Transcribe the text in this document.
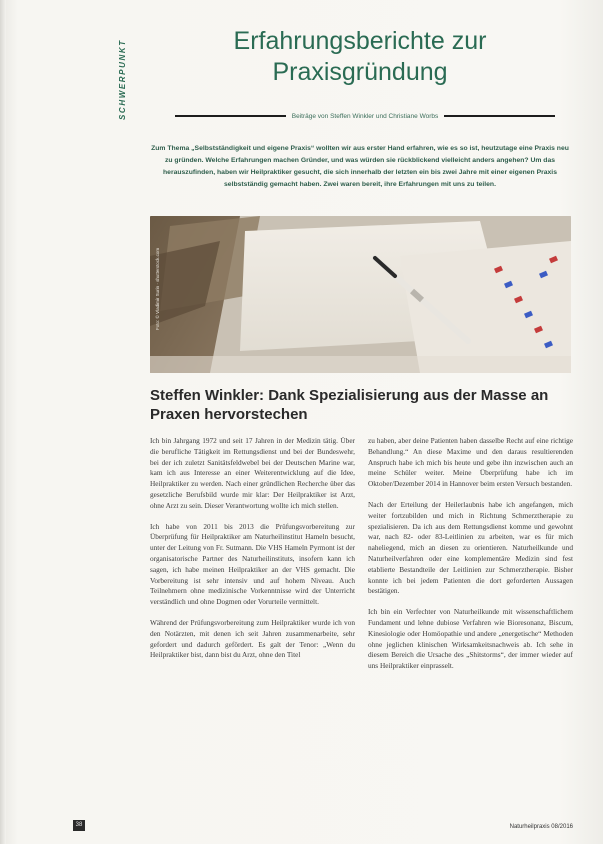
SCHWERPUNKT	Erfahrungsberichte zur Praxisgründung
Beiträge von Steffen Winkler und Christiane Worbs
Zum Thema „Selbstständigkeit und eigene Praxis“ wollten wir aus erster Hand erfahren, wie es so ist, heutzutage eine Praxis neu zu gründen. Welche Erfahrungen machen Gründer, und was würden sie rückblickend vielleicht anders angehen? Um das herauszufinden, haben wir Heilpraktiker gesucht, die sich innerhalb der letzten ein bis zwei Jahre mit einer eigenen Praxis selbstständig gemacht haben. Zwei waren bereit, ihre Erfahrungen mit uns zu teilen.
Foto: © Vladimir Surin · shutterstock.com
Steffen Winkler: Dank Spezialisierung aus der Masse an Praxen hervorstechen

Ich bin Jahrgang 1972 und seit 17 Jahren in der Medizin tätig. Über die berufliche Tätigkeit im Rettungsdienst und bei der Bundeswehr, bei der ich zuletzt Sanitätsfeldwebel bei der Deutschen Marine war, kam ich aus Interesse an einer Weiterentwicklung auf die Idee, Heilpraktiker zu werden. Nach einer gründlichen Recherche über das gesetzliche Berufsbild wurde mir klar: Der Heilpraktiker ist Arzt, ohne Arzt zu sein. Dieser Verantwortung wollte ich mich stellen.

Ich habe von 2011 bis 2013 die Prüfungsvorbereitung zur Überprüfung für Heilpraktiker am Naturheilinstitut Hameln besucht, unter der Leitung von Fr. Sutmann. Die VHS Hameln Pyrmont ist der organisatorische Partner des Naturheilinstituts, insofern kann ich sagen, ich habe meinen Heilpraktiker an der VHS gemacht. Die Vorbereitung ist sehr intensiv und auf hohem Niveau. Auch Teilnehmern ohne medizinische Vorkenntnisse wird der Unterricht verständlich und ohne Dogmen oder Vorurteile vermittelt.

Während der Prüfungsvorbereitung zum Heilpraktiker wurde ich von den Notärzten, mit denen ich seit Jahren zusammenarbeite, sehr gefordert und dadurch gefördert. Es galt der Tenor: „Wenn du Heilpraktiker bist, dann bist du Arzt, ohne den Titel

zu haben, aber deine Patienten haben dasselbe Recht auf eine richtige Behandlung.“ An diese Maxime und den daraus resultierenden Anspruch habe ich mich bis heute und gebe ihn inzwischen auch an meine Schüler weiter. Meine Überprüfung habe ich im Oktober/Dezember 2014 in Hannover beim ersten Versuch bestanden.

Nach der Erteilung der Heilerlaubnis habe ich angefangen, mich weiter fortzubilden und mich in Richtung Schmerztherapie zu spezialisieren. Da ich aus dem Rettungsdienst komme und gewohnt war, nach 82- oder 83-Leitlinien zu arbeiten, war es für mich naheliegend, mich an diesen zu orientieren. Naturheilkunde und Naturheilverfahren oder eine komplementäre Medizin sind fest etablierte Bestandteile der Leitlinien zur Schmerztherapie. Bisher konnte ich bei jedem Patienten die dort geforderten Aussagen bestätigen.

Ich bin ein Verfechter von Naturheilkunde mit wissenschaftlichem Fundament und lehne dubiose Verfahren wie Bioresonanz, Biscum, Kinesiologie oder Homöopathie und andere „energetische“ Methoden ohne jeglichen klinischen Wirksamkeitsnachweis ab. Ich sehe in diesem Bereich die Ursache des „Shitstorms“, der immer wieder auf uns Heilpraktiker einprasselt.

38	Naturheilpraxis 08/2016
